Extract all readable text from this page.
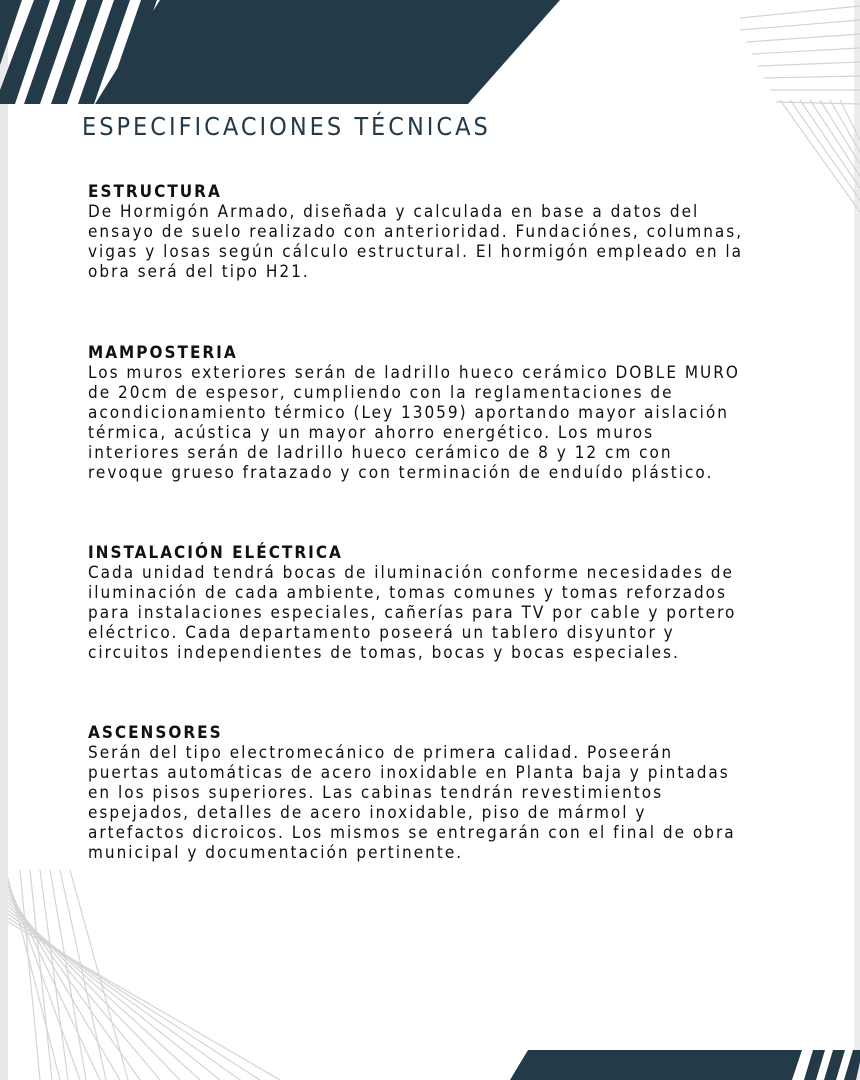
ESPECIFICACIONES TÉCNICAS
ESTRUCTURA

De Hormigón Armado, diseñada y calculada en base a datos del
ensayo de suelo realizado con anterioridad. Fundaciónes, columnas,
vigas y losas según cálculo estructural. El hormigón empleado en la
obra será del tipo H21.

MAMPOSTERIA

Los muros exteriores serán de ladrillo hueco cerámico DOBLE MURO
de 20cm de espesor, cumpliendo con la reglamentaciones de
acondicionamiento térmico (Ley 13059) aportando mayor aislación
térmica, acústica y un mayor ahorro energético. Los muros
interiores serán de ladrillo hueco cerámico de 8 y 12 cm con
revoque grueso fratazado y con terminación de enduído plástico.

INSTALACIÓN ELÉCTRICA

Cada unidad tendrá bocas de iluminación conforme necesidades de
iluminación de cada ambiente, tomas comunes y tomas reforzados
para instalaciones especiales, cañerías para TV por cable y portero
eléctrico. Cada departamento poseerá un tablero disyuntor y
circuitos independientes de tomas, bocas y bocas especiales.

ASCENSORES

Serán del tipo electromecánico de primera calidad. Poseerán
puertas automáticas de acero inoxidable en Planta baja y pintadas
en los pisos superiores. Las cabinas tendrán revestimientos
espejados, detalles de acero inoxidable, piso de mármol y
artefactos dicroicos. Los mismos se entregarán con el final de obra
municipal y documentación pertinente.
